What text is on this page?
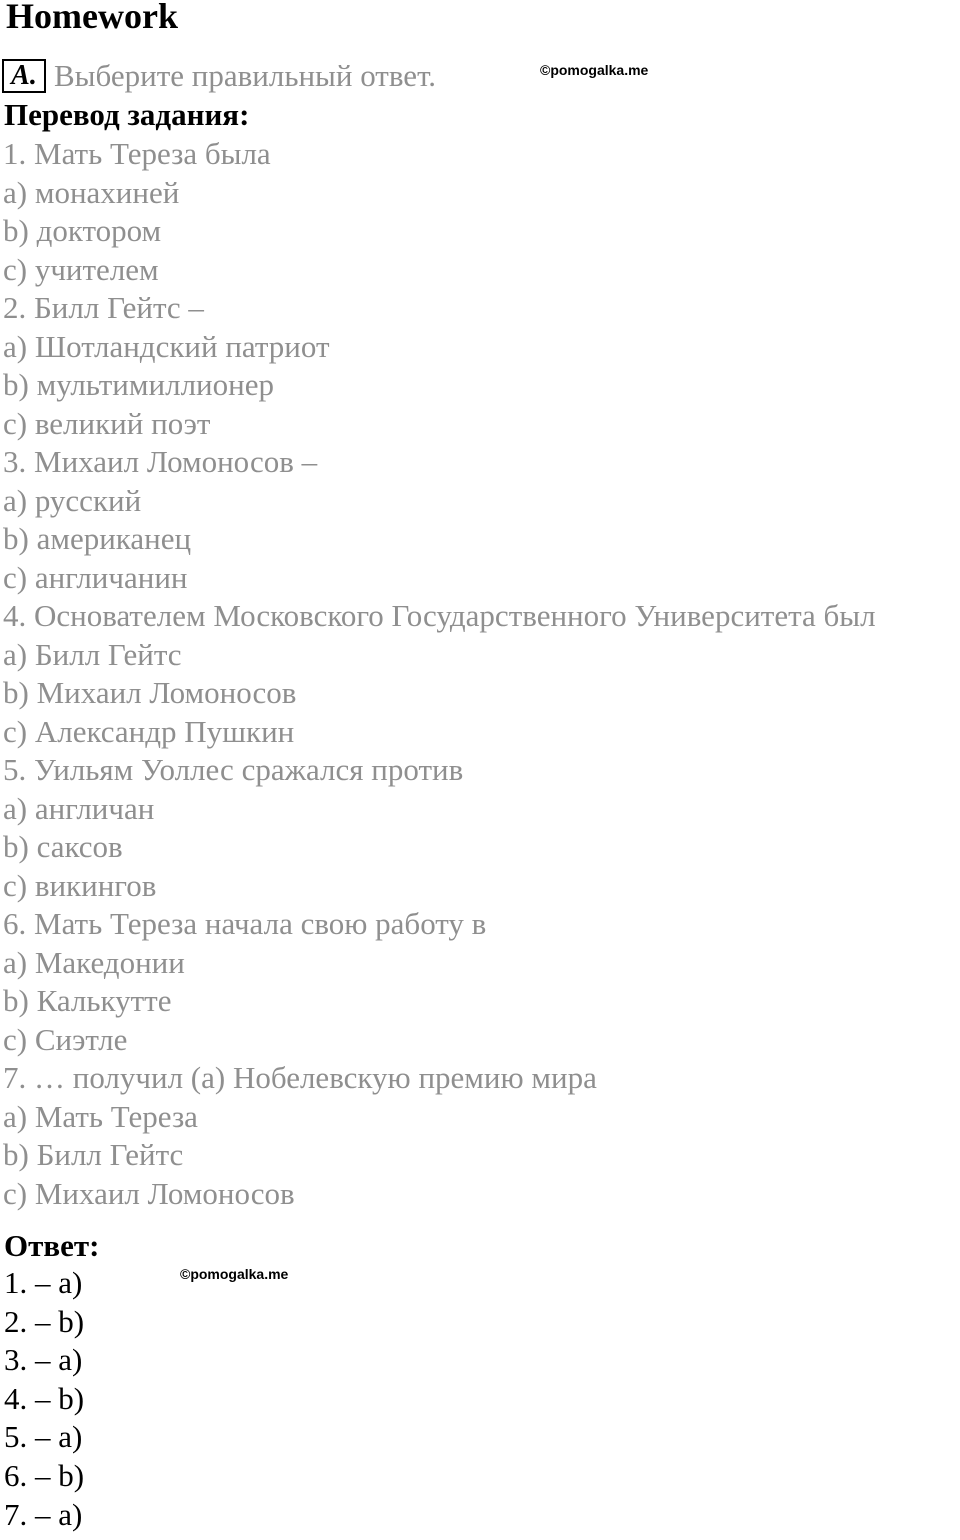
Homework
A. Выберите правильный ответ.	©pomogalka.me
Перевод задания:
1. Мать Тереза была
a) монахиней
b) доктором
c) учителем
2. Билл Гейтс –
a) Шотландский патриот
b) мультимиллионер
c) великий поэт
3. Михаил Ломоносов –
a) русский
b) американец
c) англичанин
4. Основателем Московского Государственного Университета был
a) Билл Гейтс
b) Михаил Ломоносов
c) Александр Пушкин
5. Уильям Уоллес сражался против
a) англичан
b) саксов
c) викингов
6. Мать Тереза начала свою работу в
a) Македонии
b) Калькутте
c) Сиэтле
7. … получил (а) Нобелевскую премию мира
a) Мать Тереза
b) Билл Гейтс
c) Михаил Ломоносов
Ответ:
©pomogalka.me
1. – a)
2. – b)
3. – a)
4. – b)
5. – a)
6. – b)
7. – a)
